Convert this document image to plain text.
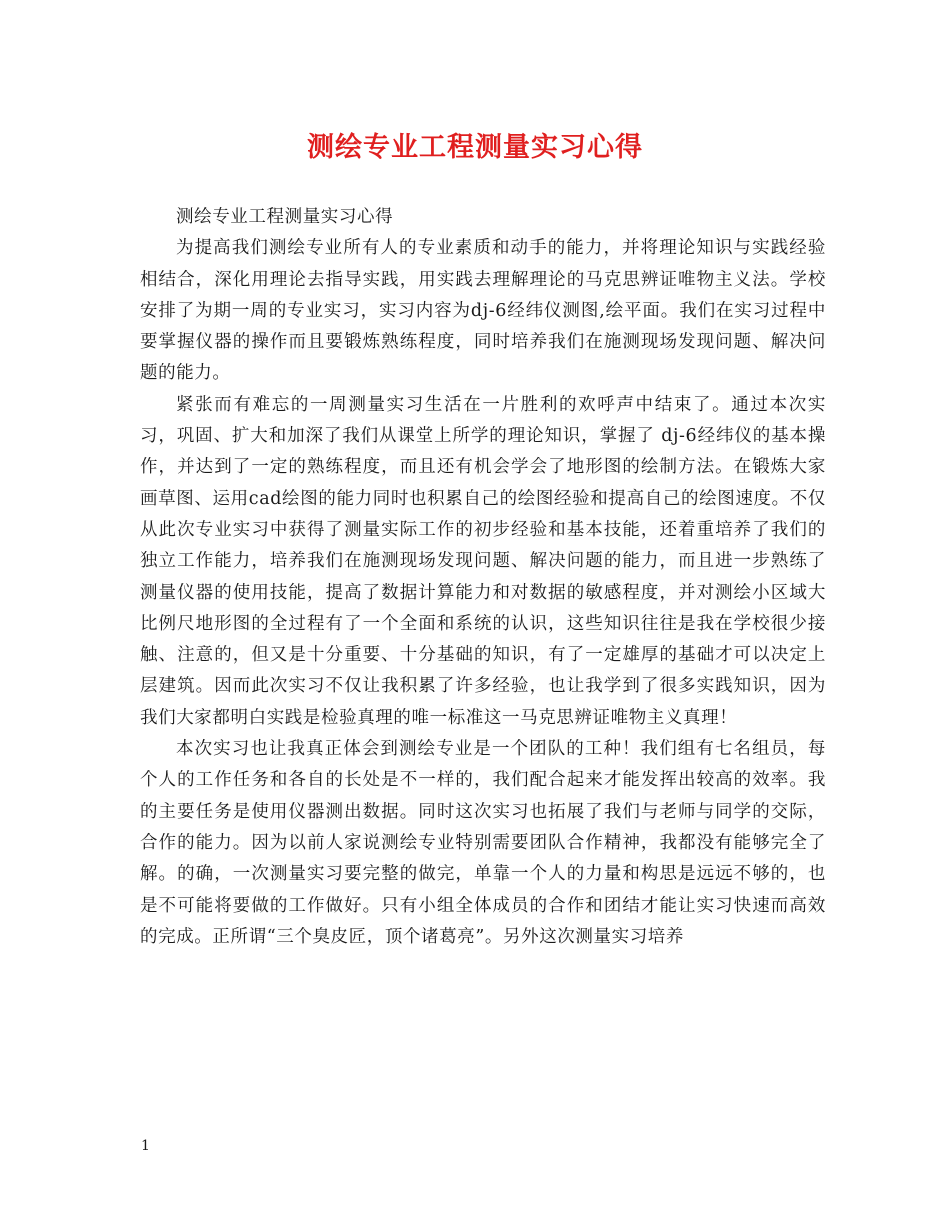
测绘专业工程测量实习心得

测绘专业工程测量实习心得

为提高我们测绘专业所有人的专业素质和动手的能力，并将理论知识与实践经验相结合，深化用理论去指导实践，用实践去理解理论的马克思辨证唯物主义法。学校安排了为期一周的专业实习，实习内容为dj-6经纬仪测图,绘平面。我们在实习过程中要掌握仪器的操作而且要锻炼熟练程度，同时培养我们在施测现场发现问题、解决问题的能力。

紧张而有难忘的一周测量实习生活在一片胜利的欢呼声中结束了。通过本次实习，巩固、扩大和加深了我们从课堂上所学的理论知识，掌握了 dj-6经纬仪的基本操作，并达到了一定的熟练程度，而且还有机会学会了地形图的绘制方法。在锻炼大家画草图、运用cad绘图的能力同时也积累自己的绘图经验和提高自己的绘图速度。不仅从此次专业实习中获得了测量实际工作的初步经验和基本技能，还着重培养了我们的独立工作能力，培养我们在施测现场发现问题、解决问题的能力，而且进一步熟练了测量仪器的使用技能，提高了数据计算能力和对数据的敏感程度，并对测绘小区域大比例尺地形图的全过程有了一个全面和系统的认识，这些知识往往是我在学校很少接触、注意的，但又是十分重要、十分基础的知识，有了一定雄厚的基础才可以决定上层建筑。因而此次实习不仅让我积累了许多经验，也让我学到了很多实践知识，因为我们大家都明白实践是检验真理的唯一标准这一马克思辨证唯物主义真理！

本次实习也让我真正体会到测绘专业是一个团队的工种！我们组有七名组员，每个人的工作任务和各自的长处是不一样的，我们配合起来才能发挥出较高的效率。我的主要任务是使用仪器测出数据。同时这次实习也拓展了我们与老师与同学的交际，合作的能力。因为以前人家说测绘专业特别需要团队合作精神，我都没有能够完全了解。的确，一次测量实习要完整的做完，单靠一个人的力量和构思是远远不够的，也是不可能将要做的工作做好。只有小组全体成员的合作和团结才能让实习快速而高效的完成。正所谓“三个臭皮匠，顶个诸葛亮”。另外这次测量实习培养

1
